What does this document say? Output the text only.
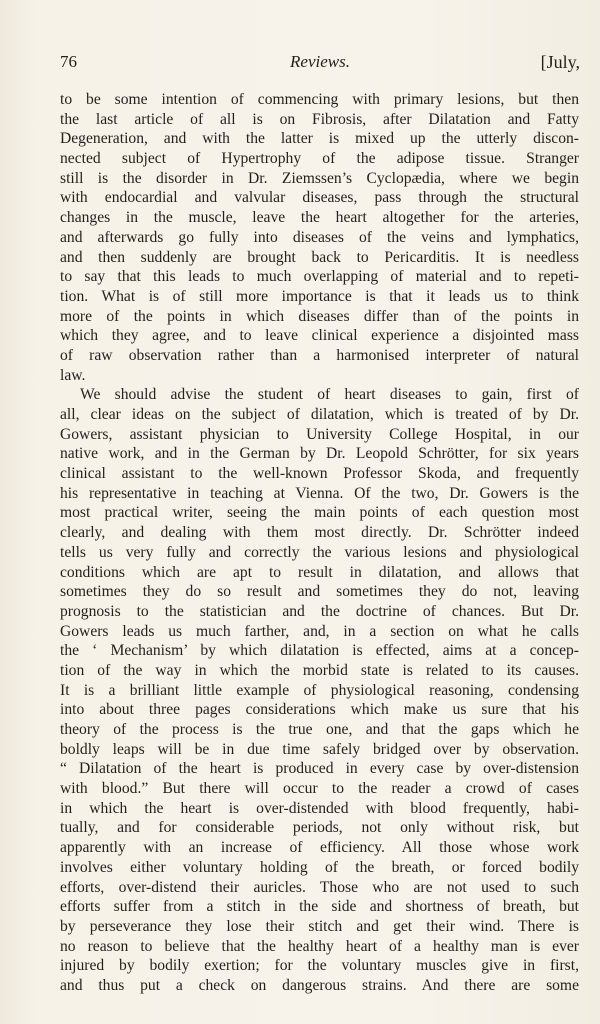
76	Reviews.	[July,
to be some intention of commencing with primary lesions, but then
the last article of all is on Fibrosis, after Dilatation and Fatty
Degeneration, and with the latter is mixed up the utterly discon-
nected subject of Hypertrophy of the adipose tissue. Stranger
still is the disorder in Dr. Ziemssen’s Cyclopædia, where we begin
with endocardial and valvular diseases, pass through the structural
changes in the muscle, leave the heart altogether for the arteries,
and afterwards go fully into diseases of the veins and lymphatics,
and then suddenly are brought back to Pericarditis. It is needless
to say that this leads to much overlapping of material and to repeti-
tion. What is of still more importance is that it leads us to think
more of the points in which diseases differ than of the points in
which they agree, and to leave clinical experience a disjointed mass
of raw observation rather than a harmonised interpreter of natural
law.
We should advise the student of heart diseases to gain, first of
all, clear ideas on the subject of dilatation, which is treated of by Dr.
Gowers, assistant physician to University College Hospital, in our
native work, and in the German by Dr. Leopold Schrötter, for six years
clinical assistant to the well-known Professor Skoda, and frequently
his representative in teaching at Vienna. Of the two, Dr. Gowers is the
most practical writer, seeing the main points of each question most
clearly, and dealing with them most directly. Dr. Schrötter indeed
tells us very fully and correctly the various lesions and physiological
conditions which are apt to result in dilatation, and allows that
sometimes they do so result and sometimes they do not, leaving
prognosis to the statistician and the doctrine of chances. But Dr.
Gowers leads us much farther, and, in a section on what he calls
the ‘ Mechanism’ by which dilatation is effected, aims at a concep-
tion of the way in which the morbid state is related to its causes.
It is a brilliant little example of physiological reasoning, condensing
into about three pages considerations which make us sure that his
theory of the process is the true one, and that the gaps which he
boldly leaps will be in due time safely bridged over by observation.
“ Dilatation of the heart is produced in every case by over-distension
with blood.” But there will occur to the reader a crowd of cases
in which the heart is over-distended with blood frequently, habi-
tually, and for considerable periods, not only without risk, but
apparently with an increase of efficiency. All those whose work
involves either voluntary holding of the breath, or forced bodily
efforts, over-distend their auricles. Those who are not used to such
efforts suffer from a stitch in the side and shortness of breath, but
by perseverance they lose their stitch and get their wind. There is
no reason to believe that the healthy heart of a healthy man is ever
injured by bodily exertion; for the voluntary muscles give in first,
and thus put a check on dangerous strains. And there are some
